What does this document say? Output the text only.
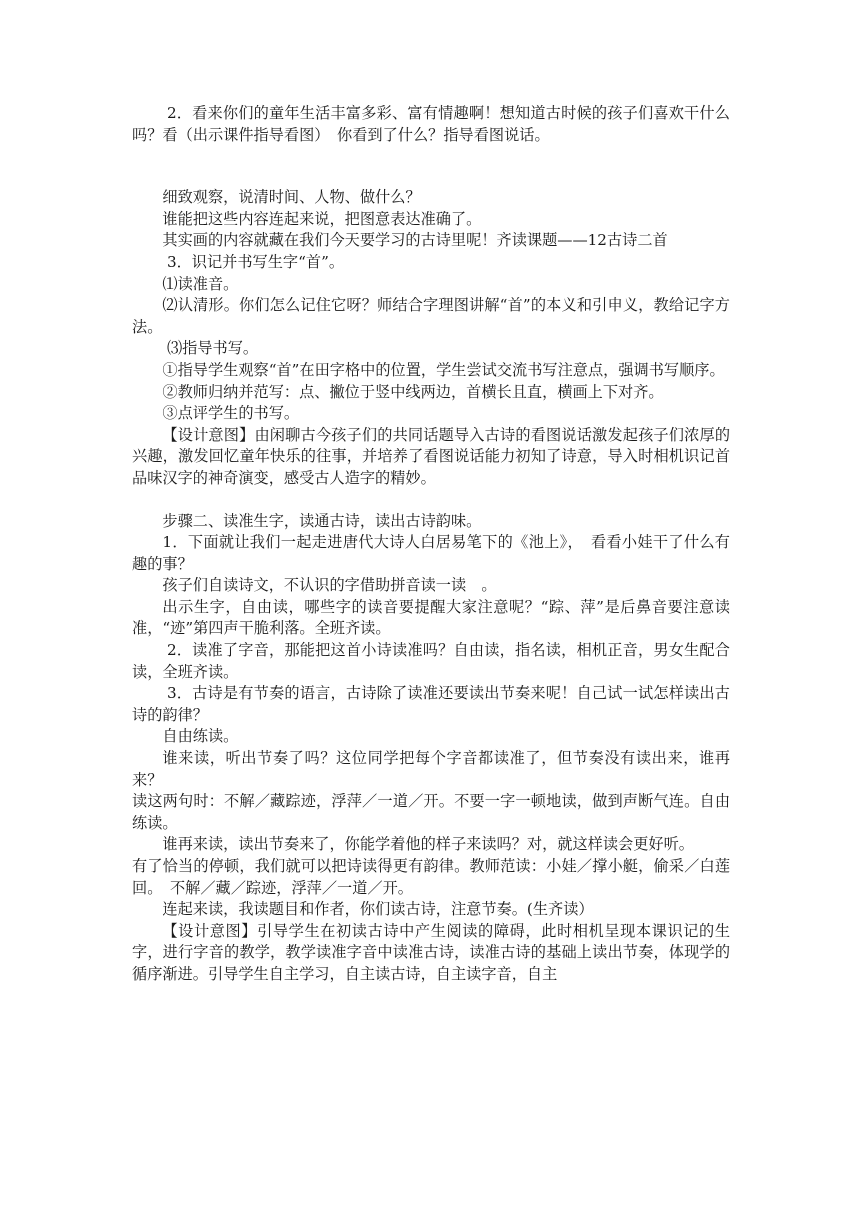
2．看来你们的童年生活丰富多彩、富有情趣啊！想知道古时候的孩子们喜欢干什么吗？看（出示课件指导看图）　你看到了什么？指导看图说话。

细致观察，说清时间、人物、做什么？

谁能把这些内容连起来说，把图意表达准确了。

其实画的内容就藏在我们今天要学习的古诗里呢！齐读课题——12古诗二首

3．识记并书写生字“首”。

⑴读准音。

⑵认清形。你们怎么记住它呀？师结合字理图讲解“首”的本义和引申义，教给记字方法。

⑶指导书写。

①指导学生观察“首”在田字格中的位置，学生尝试交流书写注意点，强调书写顺序。

②教师归纳并范写：点、撇位于竖中线两边，首横长且直，横画上下对齐。

③点评学生的书写。

【设计意图】由闲聊古今孩子们的共同话题导入古诗的看图说话激发起孩子们浓厚的兴趣，激发回忆童年快乐的往事，并培养了看图说话能力初知了诗意，导入时相机识记首品味汉字的神奇演变，感受古人造字的精妙。

步骤二、读准生字，读通古诗，读出古诗韵味。

1．下面就让我们一起走进唐代大诗人白居易笔下的《池上》，　看看小娃干了什么有趣的事？

孩子们自读诗文，不认识的字借助拼音读一读　。

出示生字，自由读，哪些字的读音要提醒大家注意呢？“踪、萍”是后鼻音要注意读准，“迹”第四声干脆利落。全班齐读。

2．读准了字音，那能把这首小诗读准吗？自由读，指名读，相机正音，男女生配合读，全班齐读。

3．古诗是有节奏的语言，古诗除了读准还要读出节奏来呢！自己试一试怎样读出古诗的韵律？

自由练读。

谁来读，听出节奏了吗？这位同学把每个字音都读准了，但节奏没有读出来，谁再来？

读这两句时：不解／藏踪迹，浮萍／一道／开。不要一字一顿地读，做到声断气连。自由练读。

谁再来读，读出节奏来了，你能学着他的样子来读吗？对，就这样读会更好听。

有了恰当的停顿，我们就可以把诗读得更有韵律。教师范读：小娃／撑小艇，偷采／白莲回。　不解／藏／踪迹，浮萍／一道／开。

连起来读，我读题目和作者，你们读古诗，注意节奏。(生齐读）

【设计意图】引导学生在初读古诗中产生阅读的障碍，此时相机呈现本课识记的生字，进行字音的教学，教学读准字音中读准古诗，读准古诗的基础上读出节奏，体现学的循序渐进。引导学生自主学习，自主读古诗，自主读字音，自主
